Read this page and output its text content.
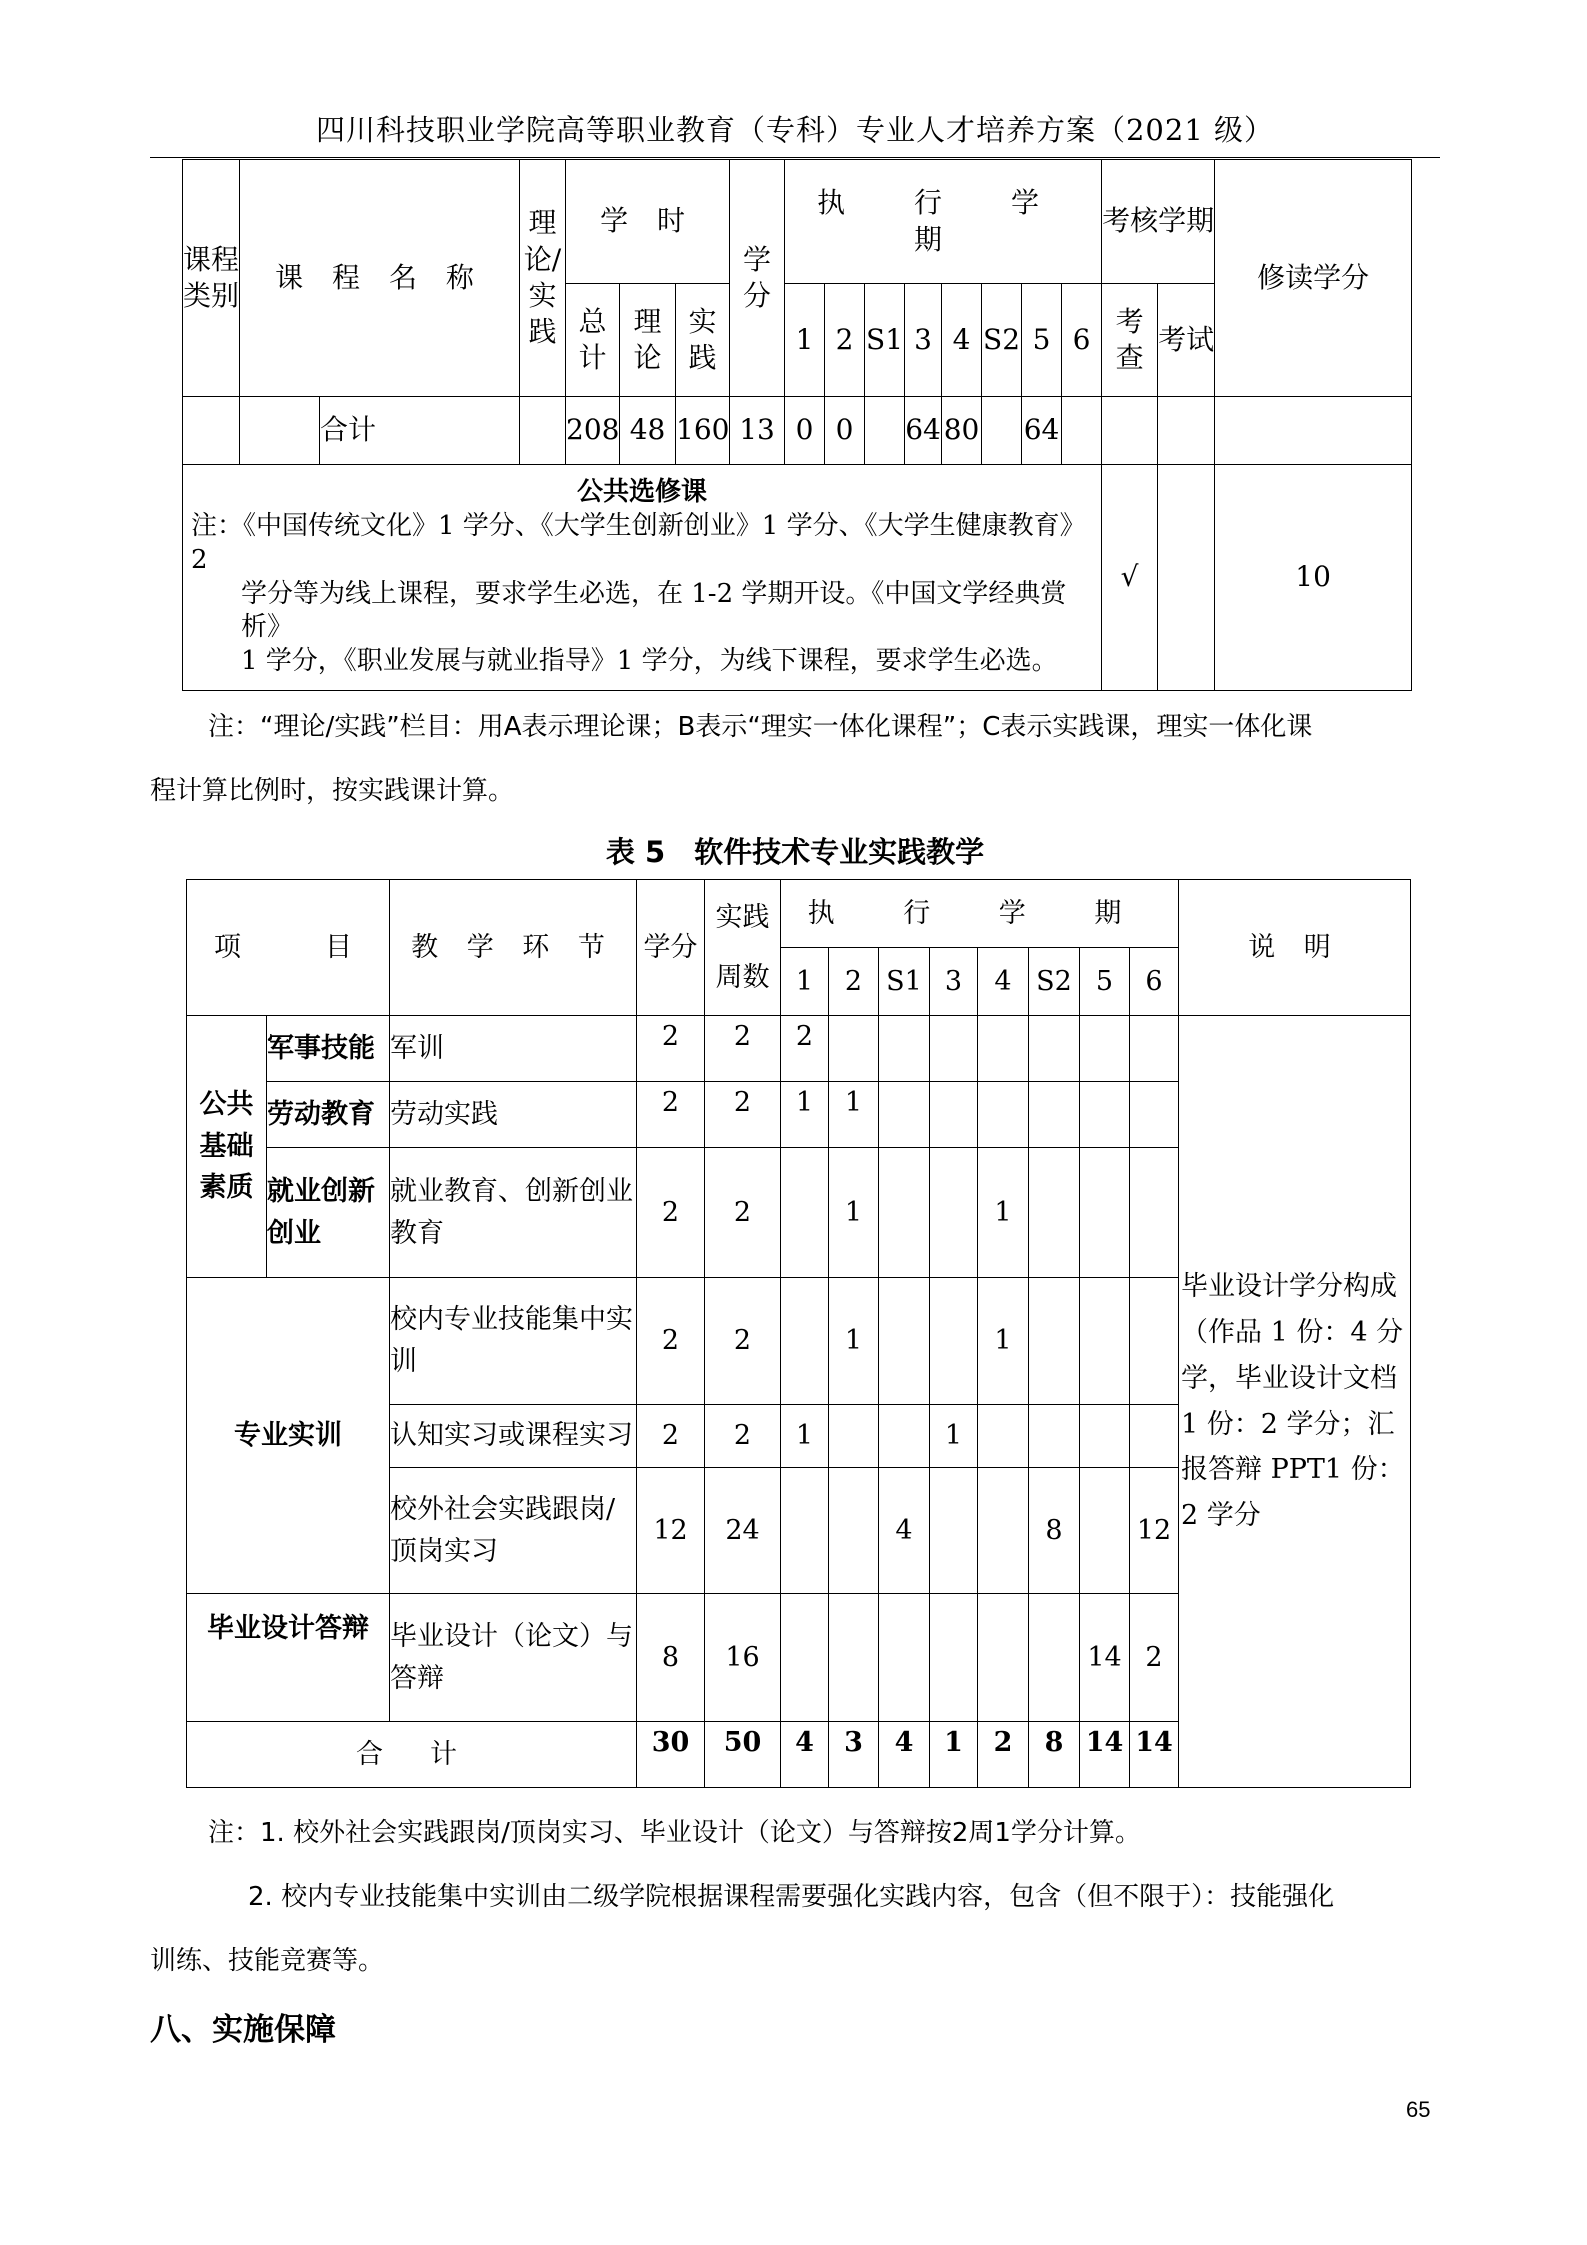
四川科技职业学院高等职业教育（专科）专业人才培养方案（2021 级）
课程类别	课 程 名 称		理论/实践	学 时			学分	执 行 学 期								考核学期		修读学分
				总计	理论	实践		1	2	S1	3	4	S2	5	6	考查	考试	
		合计		208	48	160	13	0	0		64	80		64				

公共选修课
注：《中国传统文化》1 学分、《大学生创新创业》1 学分、《大学生健康教育》2
学分等为线上课程，要求学生必选，在 1-2 学期开设。《中国文学经典赏析》
1 学分，《职业发展与就业指导》1 学分，为线下课程，要求学生必选。																√		10
注：“理论/实践”栏目：用A表示理论课；B表示“理实一体化课程”；C表示实践课，理实一体化课
程计算比例时，按实践课计算。
表 5　软件技术专业实践教学
项　　目		教 学 环 节	学分	实践
周数	执 行 学 期								说 明
					1	2	S1	3	4	S2	5	6	
公共基础素质	军事技能	军训	2	2	2								毕业设计学分构成（作品 1 份：4 分学，毕业设计文档 1 份：2 学分；汇报答辩 PPT1 份：2 学分
	劳动教育	劳动实践	2	2	1	1							
	就业创新创业	就业教育、创新创业教育	2	2		1			1				
专业实训		校内专业技能集中实训	2	2		1			1				
		认知实习或课程实习	2	2	1			1					
		校外社会实践跟岗/顶岗实习	12	24			4			8		12	
毕业设计答辩		毕业设计（论文）与答辩	8	16							14	2	
合　计			30	50	4	3	4	1	2	8	14	14	
注：1. 校外社会实践跟岗/顶岗实习、毕业设计（论文）与答辩按2周1学分计算。
2. 校内专业技能集中实训由二级学院根据课程需要强化实践内容，包含（但不限于）：技能强化
训练、技能竞赛等。
八、实施保障
65
